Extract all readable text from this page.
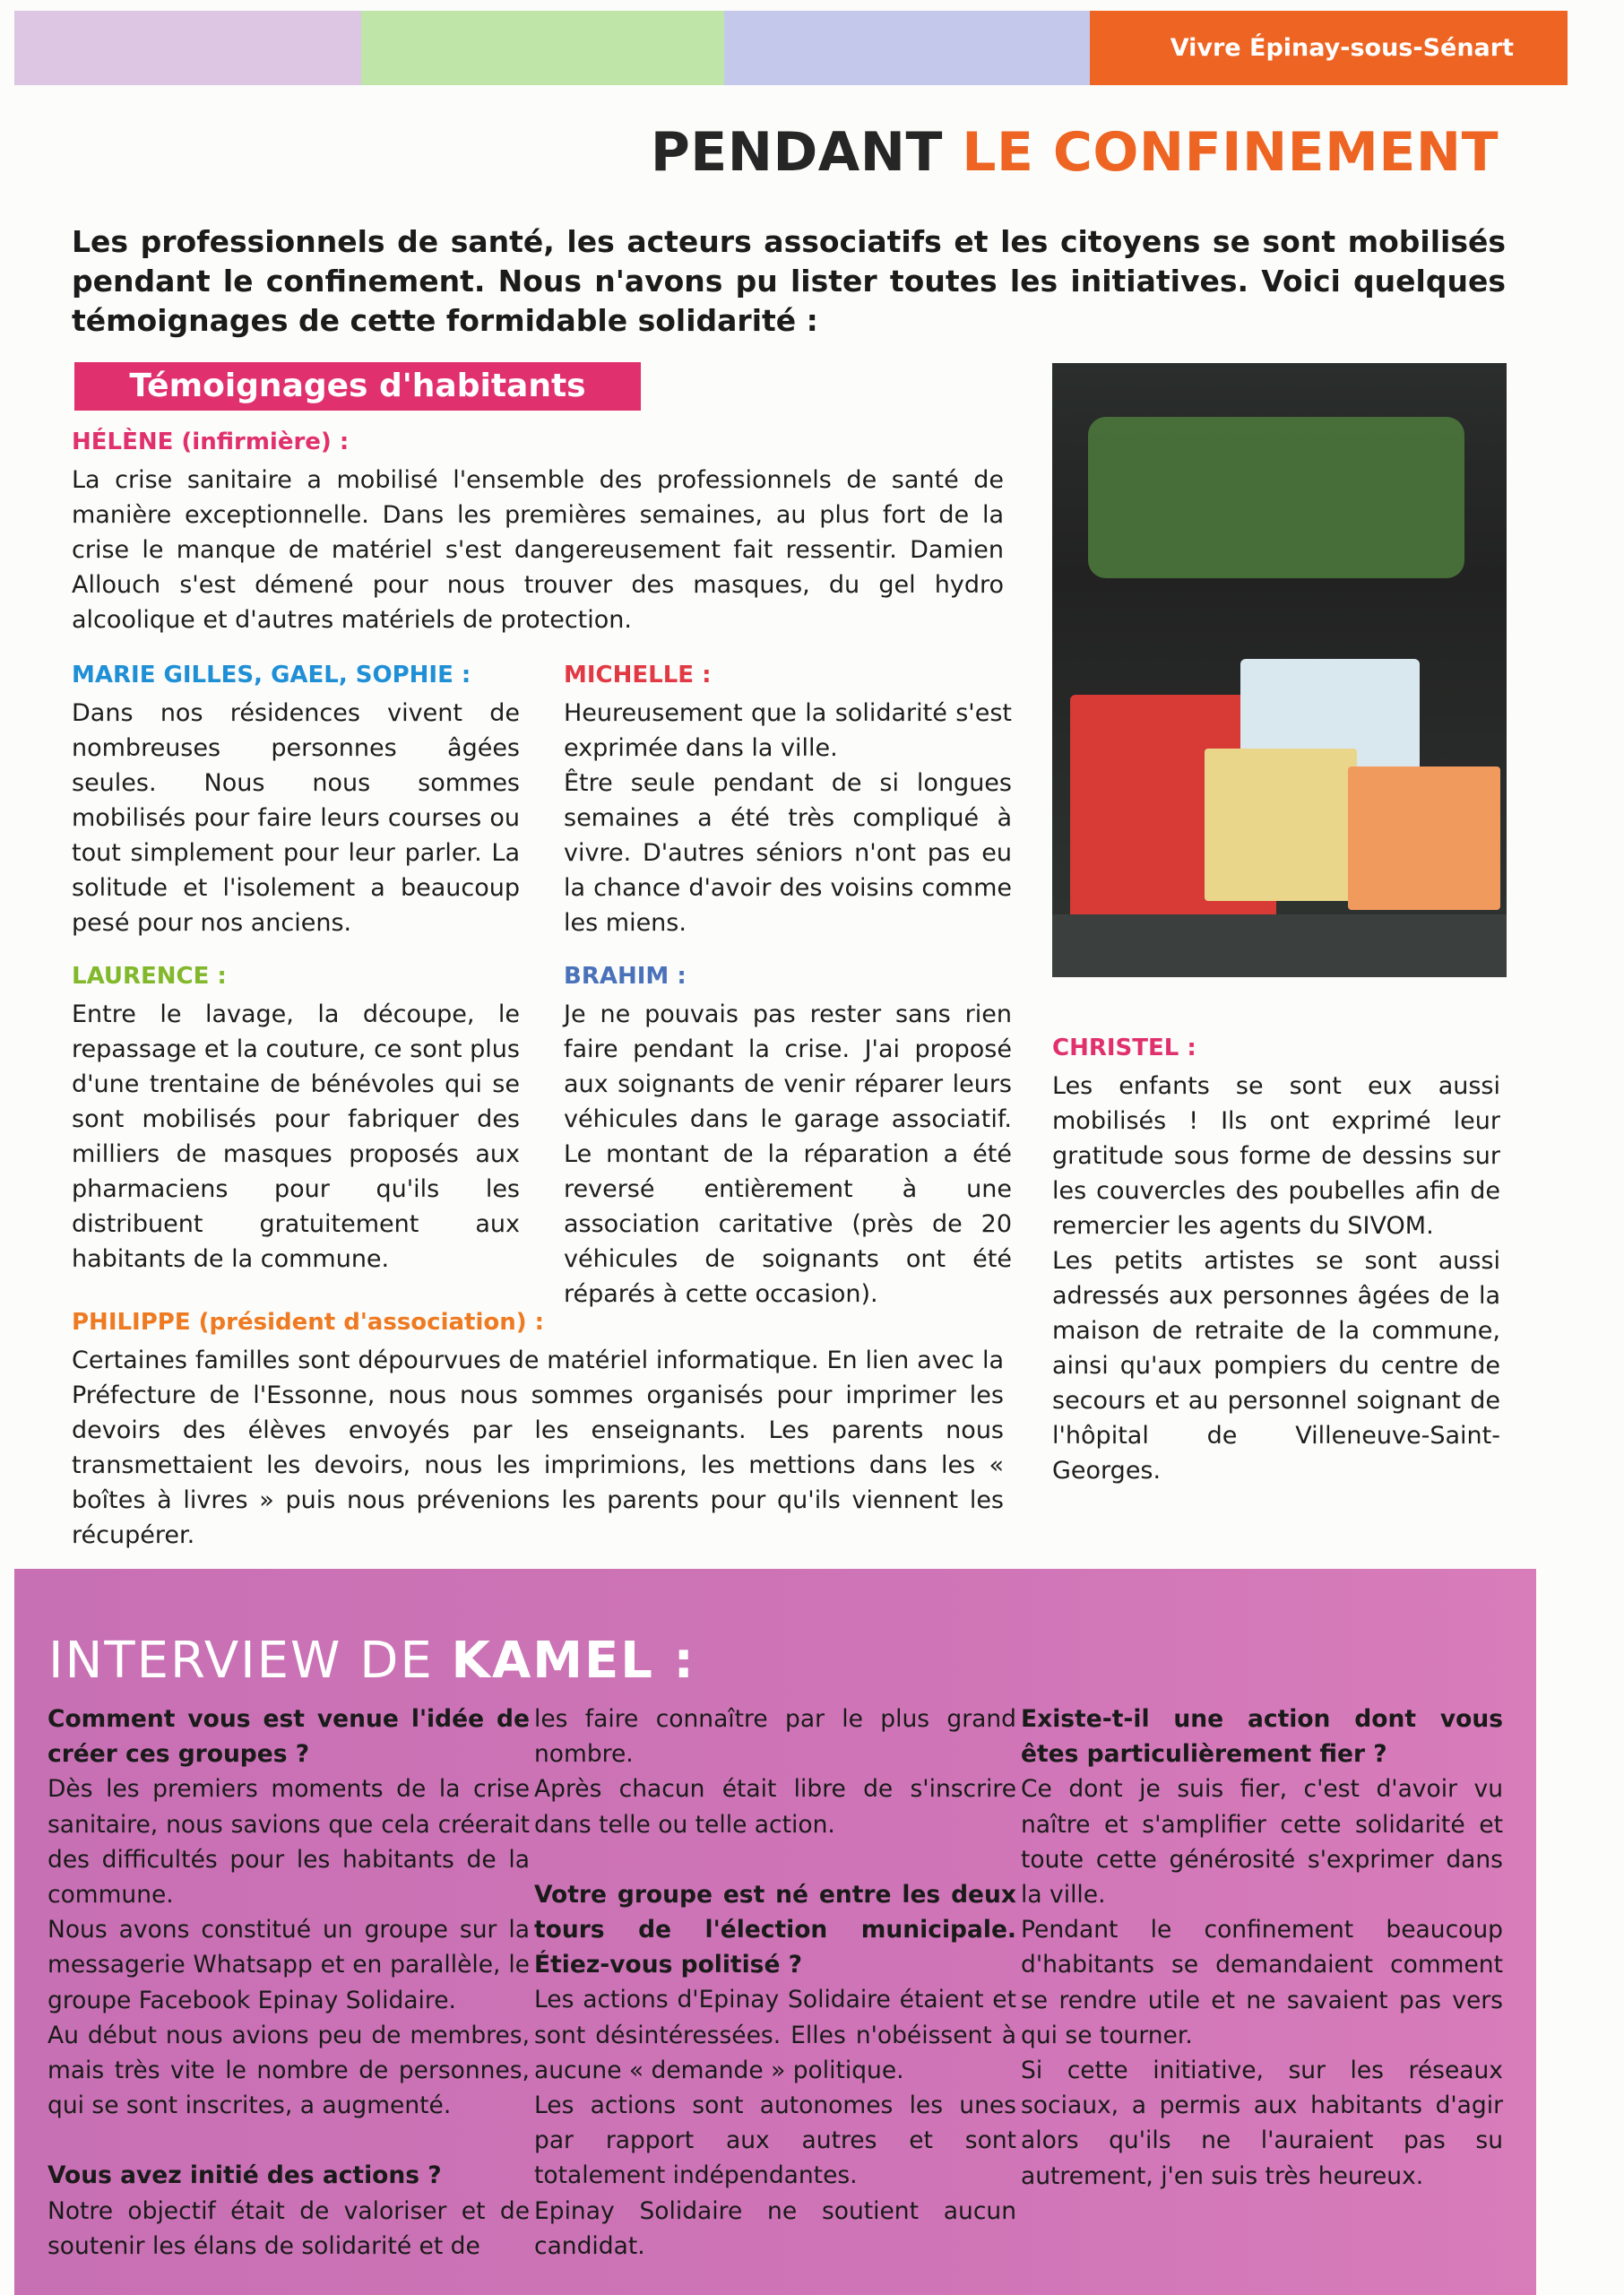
Vivre Épinay-sous-Sénart
PENDANT LE CONFINEMENT

Les professionnels de santé, les acteurs associatifs et les citoyens se sont mobilisés pendant le confinement. Nous n'avons pu lister toutes les initiatives. Voici quelques témoignages de cette formidable solidarité :

Témoignages d'habitants
HÉLÈNE (infirmière) :

La crise sanitaire a mobilisé l'ensemble des professionnels de santé de manière exceptionnelle. Dans les premières semaines, au plus fort de la crise le manque de matériel s'est dangereusement fait ressentir. Damien Allouch s'est démené pour nous trouver des masques, du gel hydro alcoolique et d'autres matériels de protection.

MARIE GILLES, GAEL, SOPHIE :

Dans nos résidences vivent de nombreuses personnes âgées seules. Nous nous sommes mobilisés pour faire leurs courses ou tout simplement pour leur parler. La solitude et l'isolement a beaucoup pesé pour nos anciens.

MICHELLE :

Heureusement que la solidarité s'est exprimée dans la ville.

Être seule pendant de si longues semaines a été très compliqué à vivre. D'autres séniors n'ont pas eu la chance d'avoir des voisins comme les miens.

LAURENCE :

Entre le lavage, la découpe, le repassage et la couture, ce sont plus d'une trentaine de bénévoles qui se sont mobilisés pour fabriquer des milliers de masques proposés aux pharmaciens pour qu'ils les distribuent gratuitement aux habitants de la commune.

BRAHIM :

Je ne pouvais pas rester sans rien faire pendant la crise. J'ai proposé aux soignants de venir réparer leurs véhicules dans le garage associatif. Le montant de la réparation a été reversé entièrement à une association caritative (près de 20 véhicules de soignants ont été réparés à cette occasion).

PHILIPPE (président d'association) :

Certaines familles sont dépourvues de matériel informatique. En lien avec la Préfecture de l'Essonne, nous nous sommes organisés pour imprimer les devoirs des élèves envoyés par les enseignants. Les parents nous transmettaient les devoirs, nous les imprimions, les mettions dans les « boîtes à livres » puis nous prévenions les parents pour qu'ils viennent les récupérer.

CHRISTEL :

Les enfants se sont eux aussi mobilisés ! Ils ont exprimé leur gratitude sous forme de dessins sur les couvercles des poubelles afin de remercier les agents du SIVOM.

Les petits artistes se sont aussi adressés aux personnes âgées de la maison de retraite de la commune, ainsi qu'aux pompiers du centre de secours et au personnel soignant de l'hôpital de Villeneuve-Saint-Georges.

INTERVIEW DE KAMEL :

Comment vous est venue l'idée de créer ces groupes ?

Dès les premiers moments de la crise sanitaire, nous savions que cela créerait des difficultés pour les habitants de la commune.

Nous avons constitué un groupe sur la messagerie Whatsapp et en parallèle, le groupe Facebook Epinay Solidaire.

Au début nous avions peu de membres, mais très vite le nombre de personnes, qui se sont inscrites, a augmenté.

Vous avez initié des actions ?

Notre objectif était de valoriser et de soutenir les élans de solidarité et de

les faire connaître par le plus grand nombre.

Après chacun était libre de s'inscrire dans telle ou telle action.

Votre groupe est né entre les deux tours de l'élection municipale. Étiez-vous politisé ?

Les actions d'Epinay Solidaire étaient et sont désintéressées. Elles n'obéissent à aucune « demande » politique.

Les actions sont autonomes les unes par rapport aux autres et sont totalement indépendantes.

Epinay Solidaire ne soutient aucun candidat.

Existe-t-il une action dont vous êtes particulièrement fier ?

Ce dont je suis fier, c'est d'avoir vu naître et s'amplifier cette solidarité et toute cette générosité s'exprimer dans la ville.

Pendant le confinement beaucoup d'habitants se demandaient comment se rendre utile et ne savaient pas vers qui se tourner.

Si cette initiative, sur les réseaux sociaux, a permis aux habitants d'agir alors qu'ils ne l'auraient pas su autrement, j'en suis très heureux.
